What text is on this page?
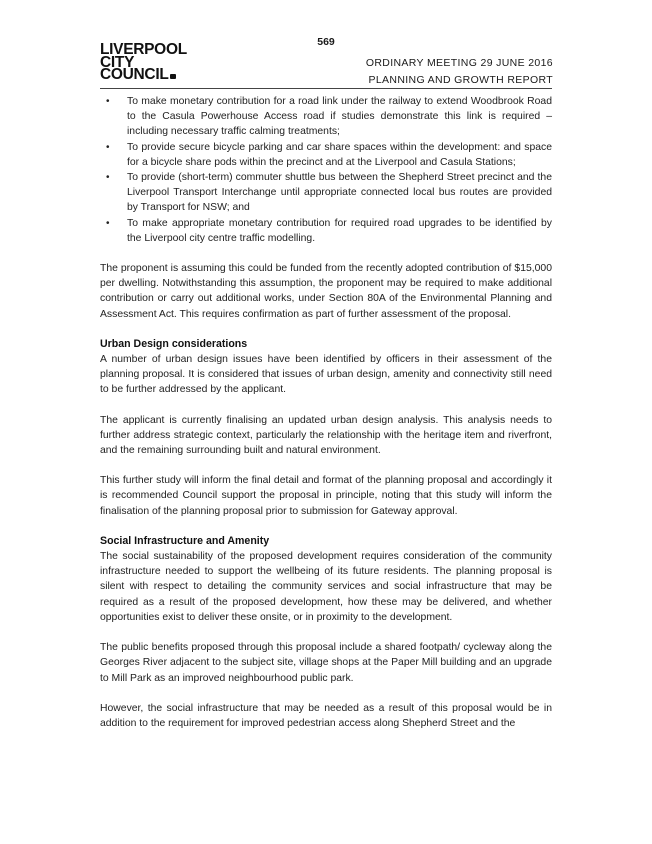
569
LIVERPOOL
CITY
COUNCIL
ORDINARY MEETING 29 JUNE 2016
PLANNING AND GROWTH REPORT
• To make monetary contribution for a road link under the railway to extend Woodbrook Road to the Casula Powerhouse Access road if studies demonstrate this link is required – including necessary traffic calming treatments;
• To provide secure bicycle parking and car share spaces within the development: and space for a bicycle share pods within the precinct and at the Liverpool and Casula Stations;
• To provide (short-term) commuter shuttle bus between the Shepherd Street precinct and the Liverpool Transport Interchange until appropriate connected local bus routes are provided by Transport for NSW; and
• To make appropriate monetary contribution for required road upgrades to be identified by the Liverpool city centre traffic modelling.

The proponent is assuming this could be funded from the recently adopted contribution of $15,000 per dwelling. Notwithstanding this assumption, the proponent may be required to make additional contribution or carry out additional works, under Section 80A of the Environmental Planning and Assessment Act. This requires confirmation as part of further assessment of the proposal.

Urban Design considerations

A number of urban design issues have been identified by officers in their assessment of the planning proposal. It is considered that issues of urban design, amenity and connectivity still need to be further addressed by the applicant.

The applicant is currently finalising an updated urban design analysis. This analysis needs to further address strategic context, particularly the relationship with the heritage item and riverfront, and the remaining surrounding built and natural environment.

This further study will inform the final detail and format of the planning proposal and accordingly it is recommended Council support the proposal in principle, noting that this study will inform the finalisation of the planning proposal prior to submission for Gateway approval.

Social Infrastructure and Amenity

The social sustainability of the proposed development requires consideration of the community infrastructure needed to support the wellbeing of its future residents. The planning proposal is silent with respect to detailing the community services and social infrastructure that may be required as a result of the proposed development, how these may be delivered, and whether opportunities exist to deliver these onsite, or in proximity to the development.

The public benefits proposed through this proposal include a shared footpath/ cycleway along the Georges River adjacent to the subject site, village shops at the Paper Mill building and an upgrade to Mill Park as an improved neighbourhood public park.

However, the social infrastructure that may be needed as a result of this proposal would be in addition to the requirement for improved pedestrian access along Shepherd Street and the
